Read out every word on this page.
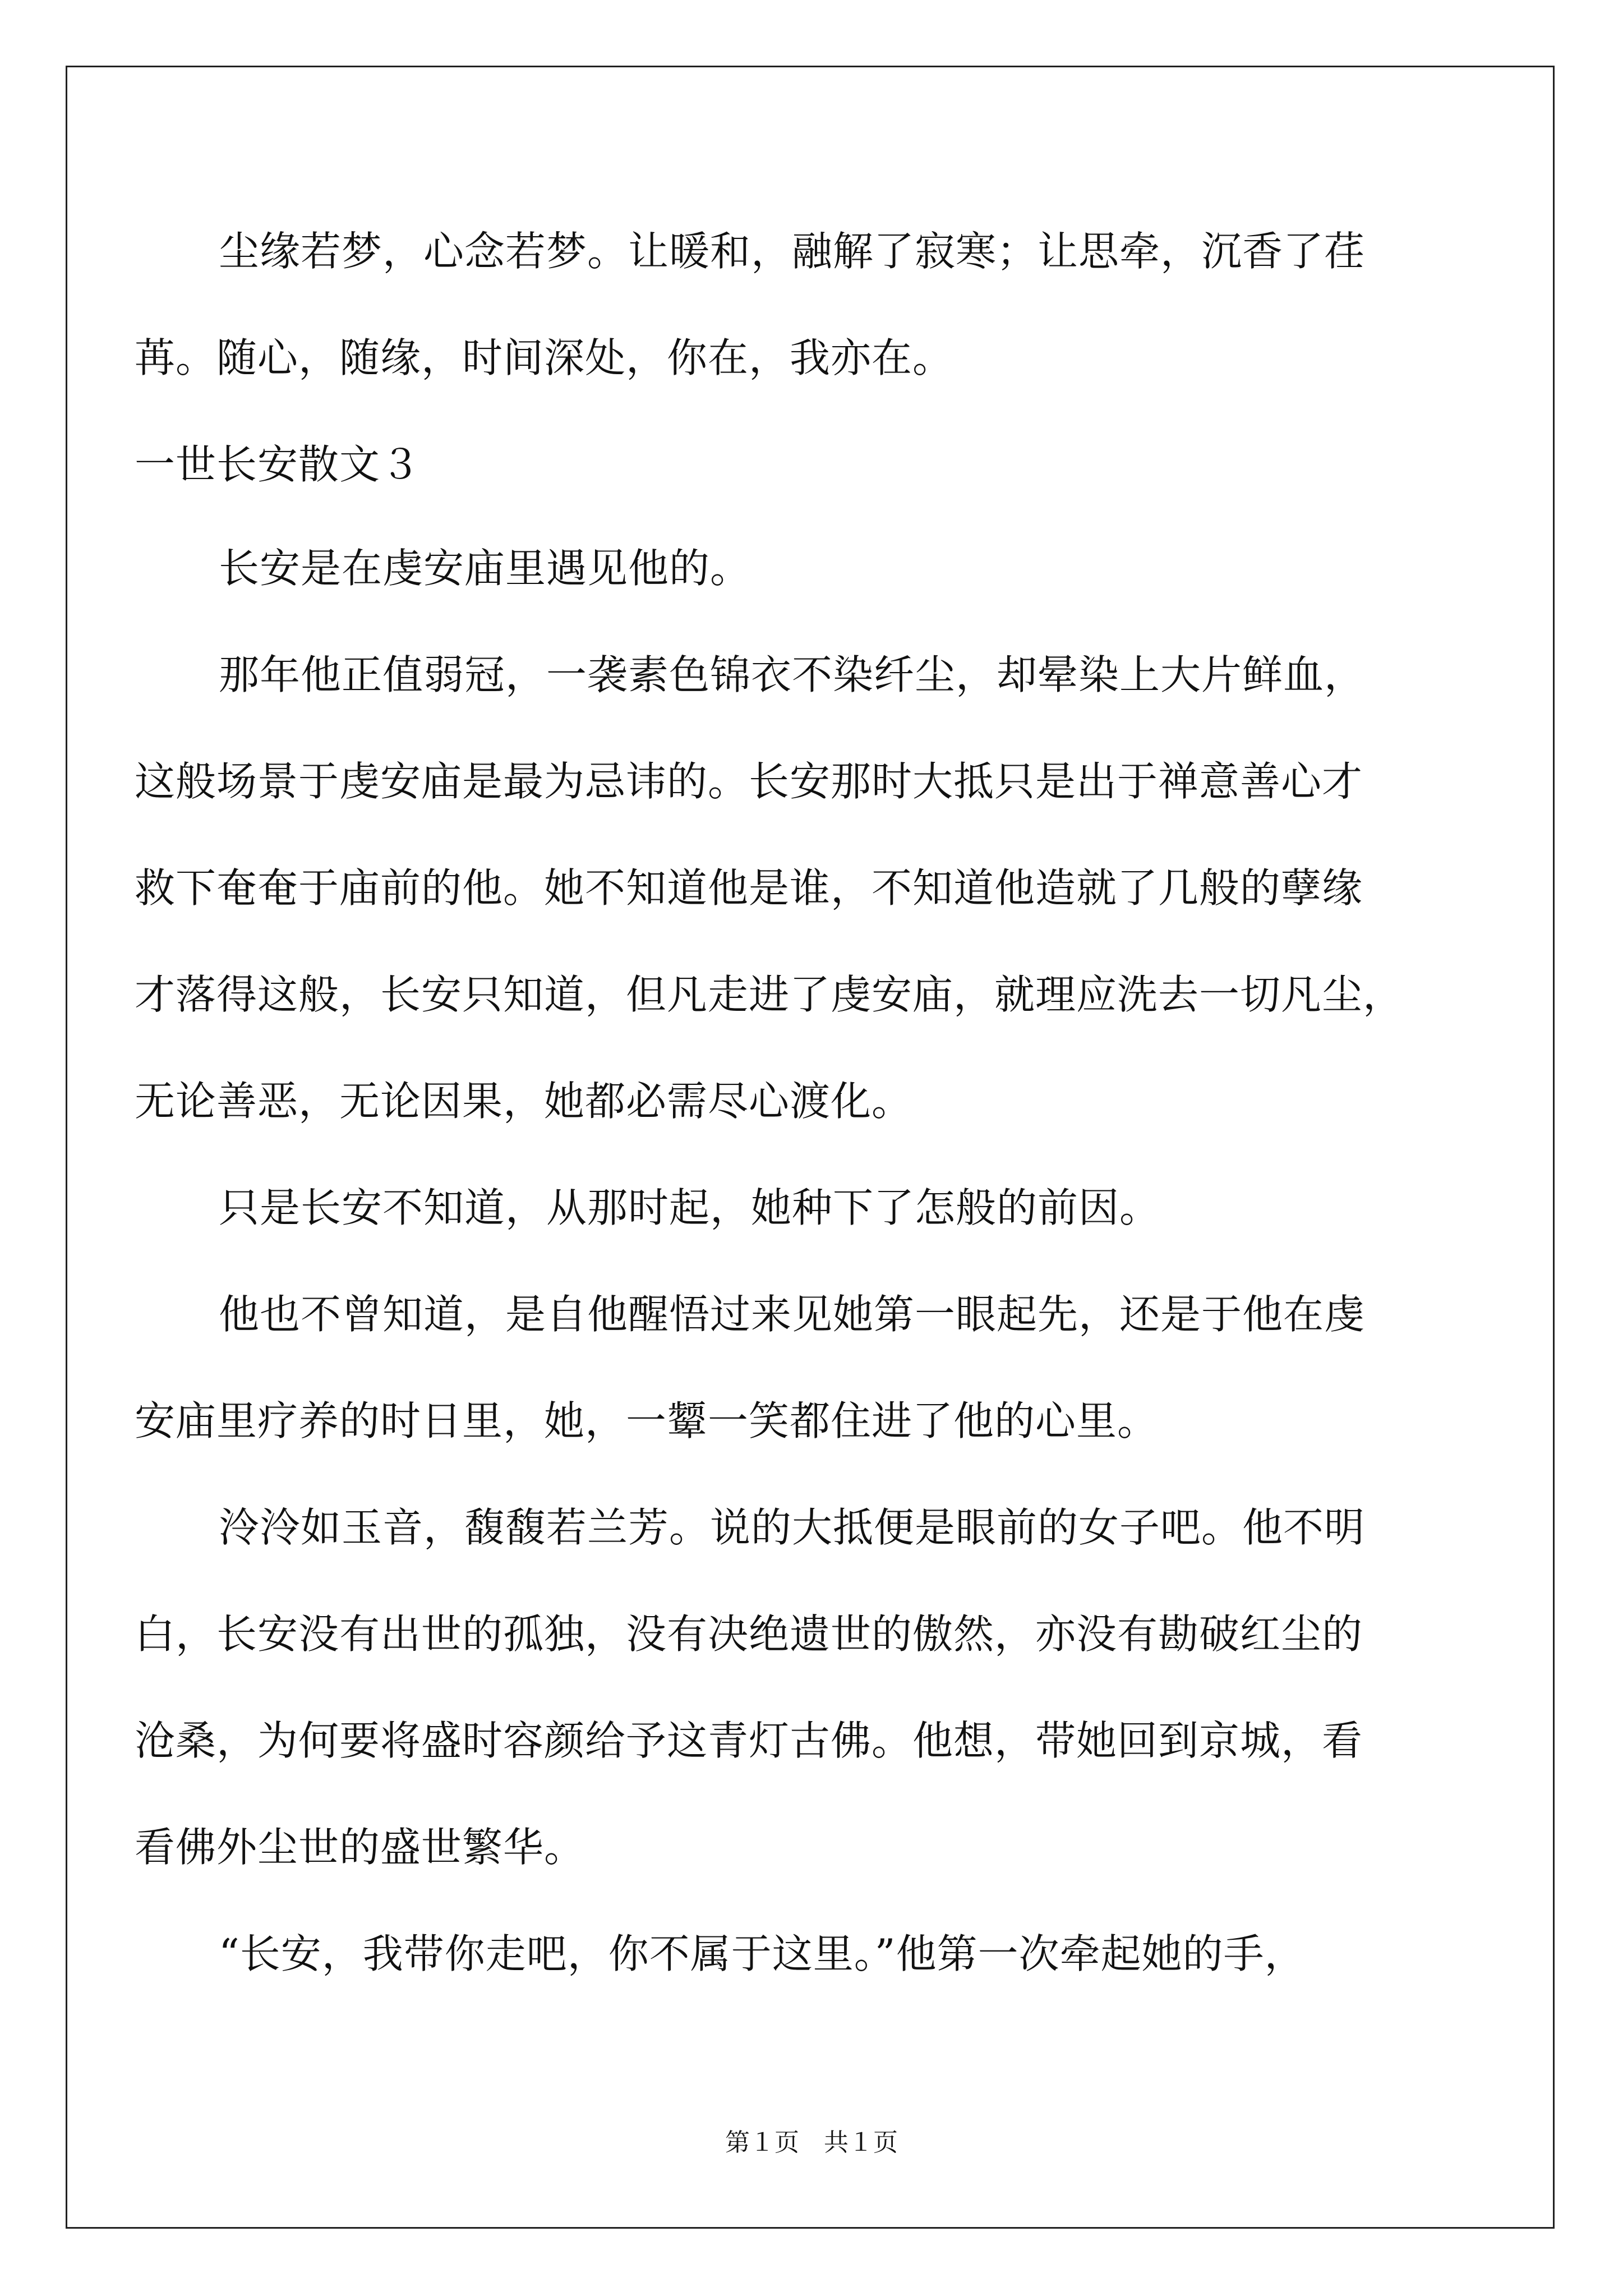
尘缘若梦，心念若梦。让暖和，融解了寂寒；让思牵，沉香了荏
苒。随心，随缘，时间深处，你在，我亦在。
一世长安散文３
长安是在虔安庙里遇见他的。
那年他正值弱冠，一袭素色锦衣不染纤尘，却晕染上大片鲜血，
这般场景于虔安庙是最为忌讳的。长安那时大抵只是出于禅意善心才
救下奄奄于庙前的他。她不知道他是谁，不知道他造就了几般的孽缘
才落得这般，长安只知道，但凡走进了虔安庙，就理应洗去一切凡尘，
无论善恶，无论因果，她都必需尽心渡化。
只是长安不知道，从那时起，她种下了怎般的前因。
他也不曾知道，是自他醒悟过来见她第一眼起先，还是于他在虔
安庙里疗养的时日里，她，一颦一笑都住进了他的心里。
泠泠如玉音，馥馥若兰芳。说的大抵便是眼前的女子吧。他不明
白，长安没有出世的孤独，没有决绝遗世的傲然，亦没有勘破红尘的
沧桑，为何要将盛时容颜给予这青灯古佛。他想，带她回到京城，看
看佛外尘世的盛世繁华。
“长安，我带你走吧，你不属于这里。”他第一次牵起她的手，
第１页　共１页
